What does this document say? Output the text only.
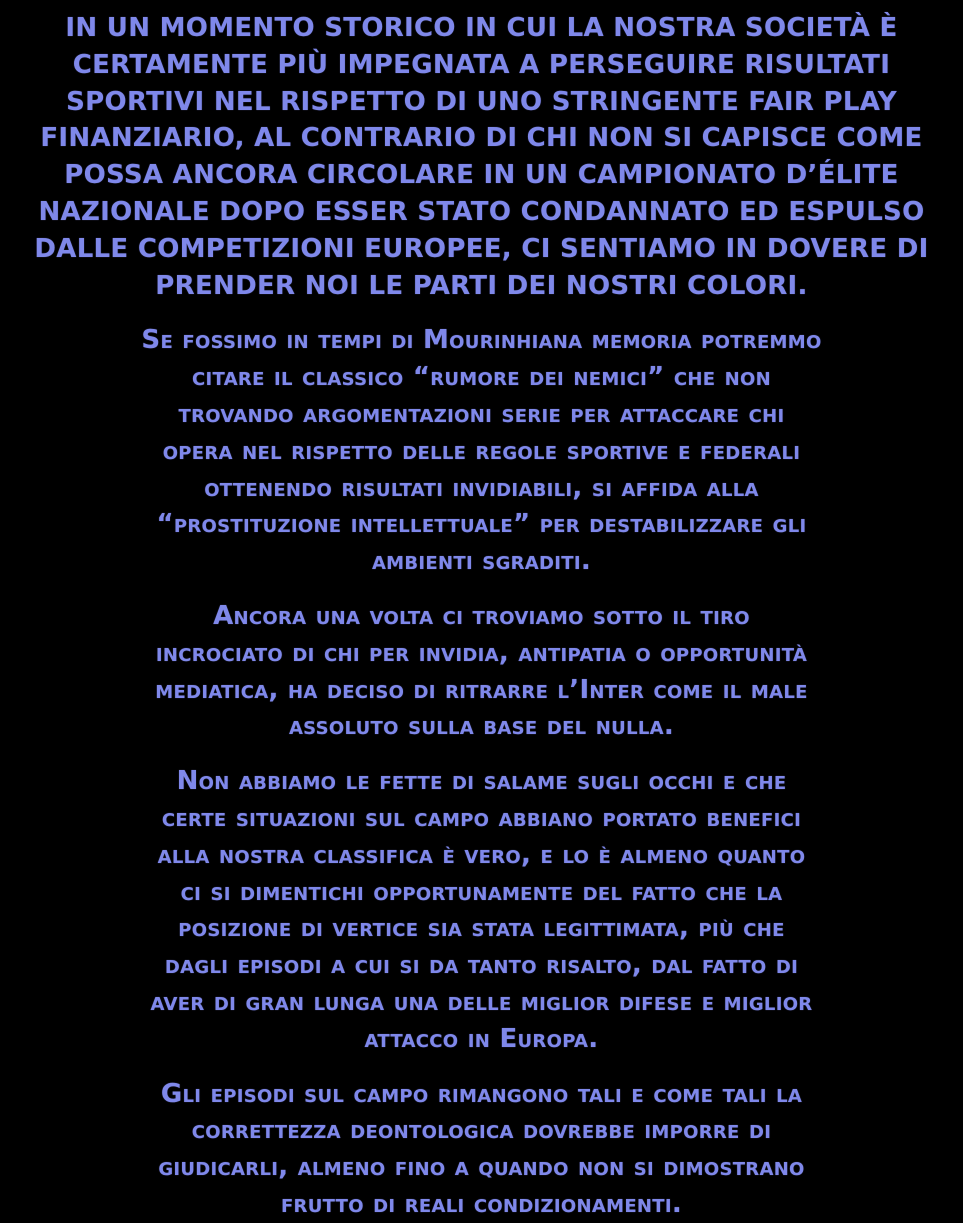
IN UN MOMENTO STORICO IN CUI LA NOSTRA SOCIETÀ È
CERTAMENTE PIÙ IMPEGNATA A PERSEGUIRE RISULTATI
SPORTIVI NEL RISPETTO DI UNO STRINGENTE FAIR PLAY
FINANZIARIO, AL CONTRARIO DI CHI NON SI CAPISCE COME
POSSA ANCORA CIRCOLARE IN UN CAMPIONATO D’ÉLITE
NAZIONALE DOPO ESSER STATO CONDANNATO ED ESPULSO
DALLE COMPETIZIONI EUROPEE, CI SENTIAMO IN DOVERE DI
PRENDER NOI LE PARTI DEI NOSTRI COLORI.
Se fossimo in tempi di Mourinhiana memoria potremmo
citare il classico “rumore dei nemici” che non
trovando argomentazioni serie per attaccare chi
opera nel rispetto delle regole sportive e federali
ottenendo risultati invidiabili, si affida alla
“prostituzione intellettuale” per destabilizzare gli
ambienti sgraditi.
Ancora una volta ci troviamo sotto il tiro
incrociato di chi per invidia, antipatia o opportunità
mediatica, ha deciso di ritrarre l’Inter come il male
assoluto sulla base del nulla.
Non abbiamo le fette di salame sugli occhi e che
certe situazioni sul campo abbiano portato benefici
alla nostra classifica è vero, e lo è almeno quanto
ci si dimentichi opportunamente del fatto che la
posizione di vertice sia stata legittimata, più che
dagli episodi a cui si da tanto risalto, dal fatto di
aver di gran lunga una delle miglior difese e miglior
attacco in Europa.
Gli episodi sul campo rimangono tali e come tali la
correttezza deontologica dovrebbe imporre di
giudicarli, almeno fino a quando non si dimostrano
frutto di reali condizionamenti.
